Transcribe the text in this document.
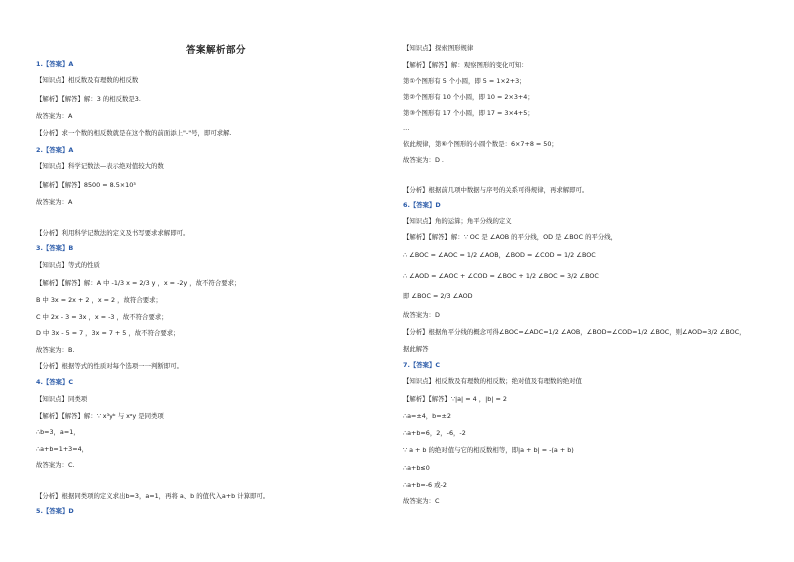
答案解析部分
1.【答案】A
【知识点】相反数及有理数的相反数
【解析】【解答】解：3 的相反数是3.
故答案为：A
【分析】求一个数的相反数就是在这个数的前面添上"-"号，即可求解.
2.【答案】A
【知识点】科学记数法—表示绝对值较大的数
【解析】【解答】8500 = 8.5×10³
故答案为：A
【分析】利用科学记数法的定义及书写要求求解即可。
3.【答案】B
【知识点】等式的性质
【解析】【解答】解：A 中 -1/3 x = 2/3 y ，x = -2y ，故不符合要求；
B 中 3x = 2x + 2 ，x = 2 ，故符合要求；
C 中 2x - 3 = 3x ，x = -3 ，故不符合要求；
D 中 3x - 5 = 7 ，3x = 7 + 5 ，故不符合要求；
故答案为：B.
【分析】根据等式的性质对每个选项一一判断即可。
4.【答案】C
【知识点】同类项
【解析】【解答】解：∵ x³yᵇ 与 xᵃy 是同类项
∴b=3，a=1，
∴a+b=1+3=4，
故答案为：C.
【分析】根据同类项的定义求出b=3，a=1，再将 a、b 的值代入a+b 计算即可。
5.【答案】D
【知识点】探索图形规律
【解析】【解答】解：观察图形的变化可知：
第①个图形有 5 个小圆，即 5 = 1×2+3；
第②个图形有 10 个小圆，即 10 = 2×3+4；
第③个图形有 17 个小圆，即 17 = 3×4+5；
…
依此规律，第⑥个图形的小圆个数是：6×7+8 = 50；
故答案为：D .
【分析】根据前几项中数据与序号的关系可得规律，再求解即可。
6.【答案】D
【知识点】角的运算；角平分线的定义
【解析】【解答】解：∵ OC 是 ∠AOB 的平分线，OD 是 ∠BOC 的平分线，
∴ ∠BOC = ∠AOC = 1/2 ∠AOB，∠BOD = ∠COD = 1/2 ∠BOC
∴ ∠AOD = ∠AOC + ∠COD = ∠BOC + 1/2 ∠BOC = 3/2 ∠BOC
即 ∠BOC = 2/3 ∠AOD
故答案为：D
【分析】根据角平分线的概念可得∠BOC=∠ADC=1/2 ∠AOB，∠BOD=∠COD=1/2 ∠BOC，则∠AOD=3/2 ∠BOC，
据此解答
7.【答案】C
【知识点】相反数及有理数的相反数；绝对值及有理数的绝对值
【解析】【解答】∵|a| = 4 ，|b| = 2
∴a=±4，b=±2
∴a+b=6，2，-6，-2
∵ a + b 的绝对值与它的相反数相等，即|a + b| = -(a + b)
∴a+b≤0
∴a+b=-6 或-2
故答案为：C
